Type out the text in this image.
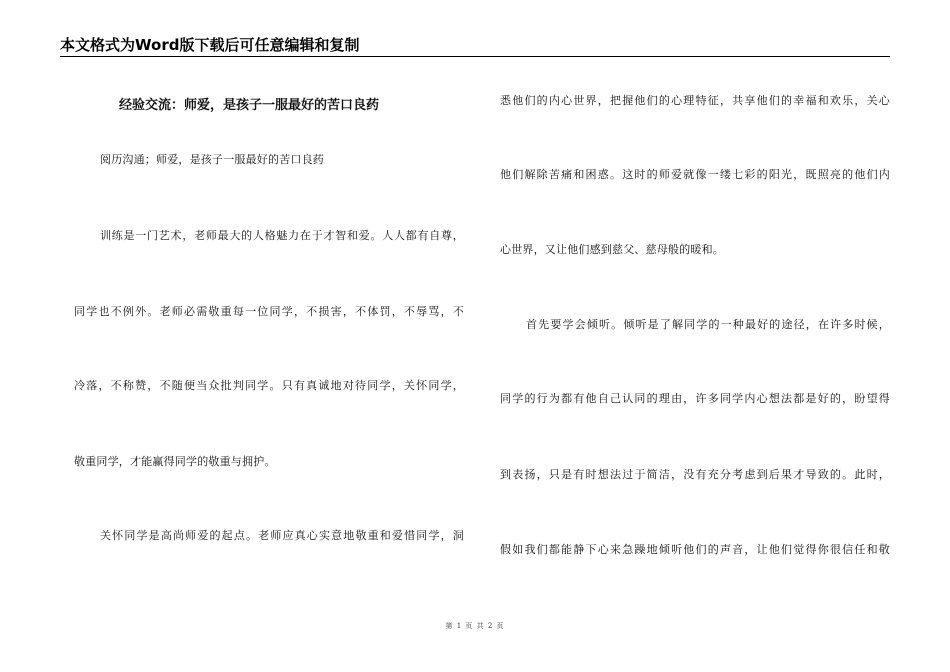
本文格式为Word版下载后可任意编辑和复制
经验交流：师爱，是孩子一服最好的苦口良药
阅历沟通；师爱，是孩子一服最好的苦口良药
训练是一门艺术，老师最大的人格魅力在于才智和爱。人人都有自尊，
同学也不例外。老师必需敬重每一位同学，不损害，不体罚，不辱骂，不
冷落，不称赞，不随便当众批判同学。只有真诚地对待同学，关怀同学，
敬重同学，才能赢得同学的敬重与拥护。
关怀同学是高尚师爱的起点。老师应真心实意地敬重和爱惜同学，洞
悉他们的内心世界，把握他们的心理特征，共享他们的幸福和欢乐，关心
他们解除苦痛和困惑。这时的师爱就像一缕七彩的阳光，既照亮的他们内
心世界，又让他们感到慈父、慈母般的暖和。
首先要学会倾听。倾听是了解同学的一种最好的途径，在许多时候，
同学的行为都有他自己认同的理由，许多同学内心想法都是好的，盼望得
到表扬，只是有时想法过于简洁，没有充分考虑到后果才导致的。此时，
假如我们都能静下心来急躁地倾听他们的声音，让他们觉得你很信任和敬
第 1 页 共 2 页
